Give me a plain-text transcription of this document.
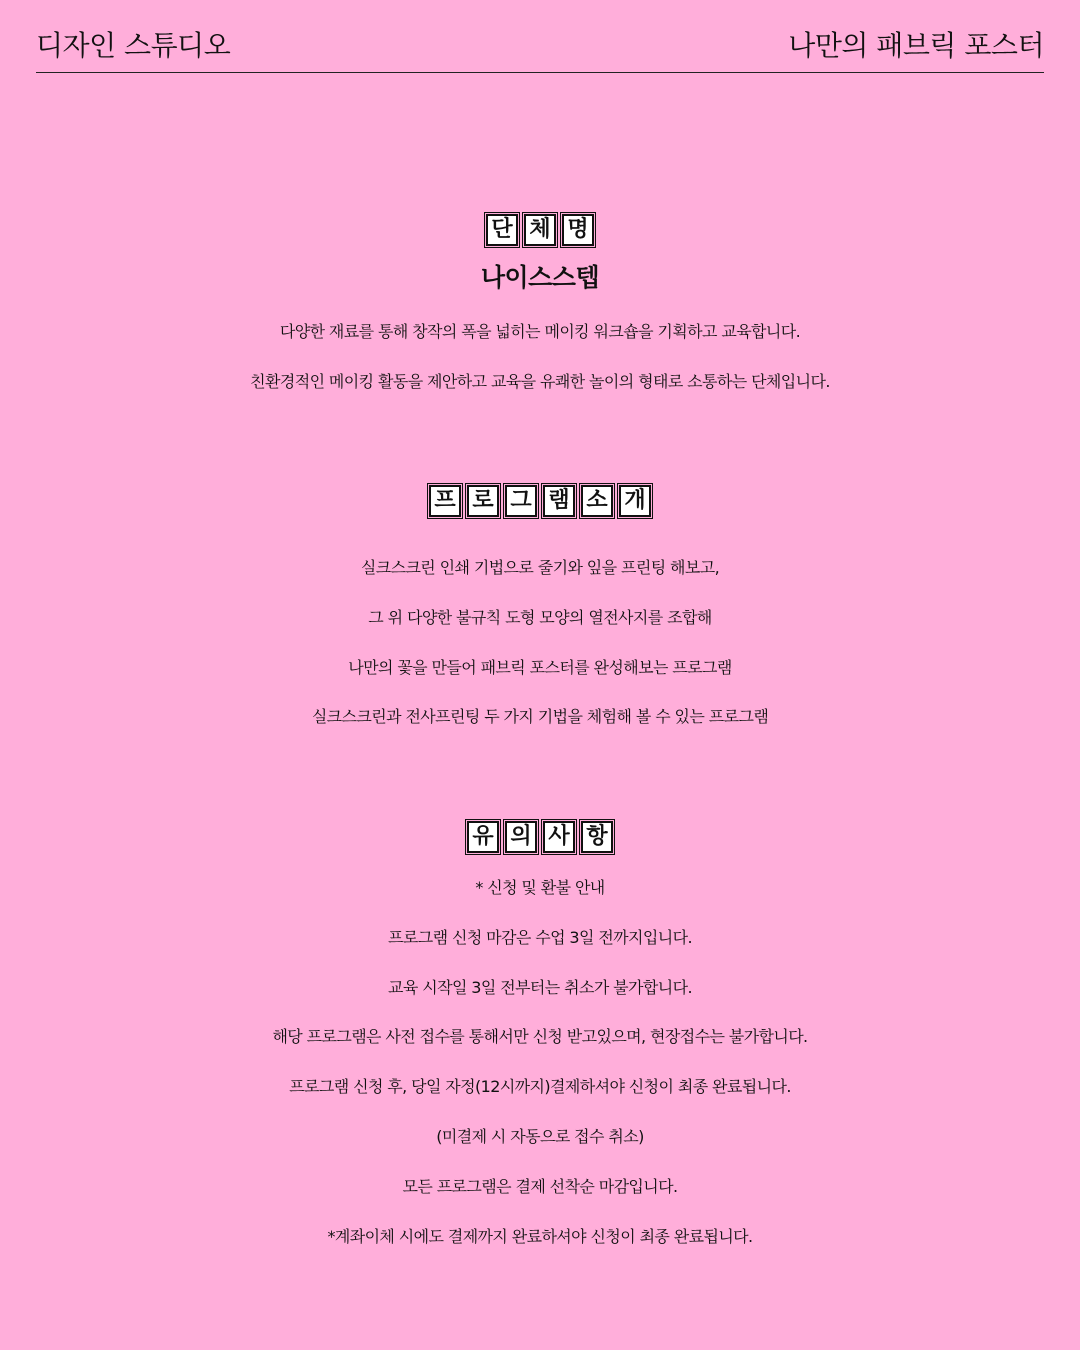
디자인 스튜디오	나만의 패브릭 포스터
단 체 명
나이스스텝
다양한 재료를 통해 창작의 폭을 넓히는 메이킹 워크숍을 기획하고 교육합니다.
친환경적인 메이킹 활동을 제안하고 교육을 유쾌한 놀이의 형태로 소통하는 단체입니다.
프 로 그 램 소 개
실크스크린 인쇄 기법으로 줄기와 잎을 프린팅 해보고,
그 위 다양한 불규칙 도형 모양의 열전사지를 조합해
나만의 꽃을 만들어 패브릭 포스터를 완성해보는 프로그램
실크스크린과 전사프린팅 두 가지 기법을 체험해 볼 수 있는 프로그램
유 의 사 항
* 신청 및 환불 안내
프로그램 신청 마감은 수업 3일 전까지입니다.
교육 시작일 3일 전부터는 취소가 불가합니다.
해당 프로그램은 사전 접수를 통해서만 신청 받고있으며, 현장접수는 불가합니다.
프로그램 신청 후, 당일 자정(12시까지)결제하셔야 신청이 최종 완료됩니다.
(미결제 시 자동으로 접수 취소)
모든 프로그램은 결제 선착순 마감입니다.
*계좌이체 시에도 결제까지 완료하셔야 신청이 최종 완료됩니다.
